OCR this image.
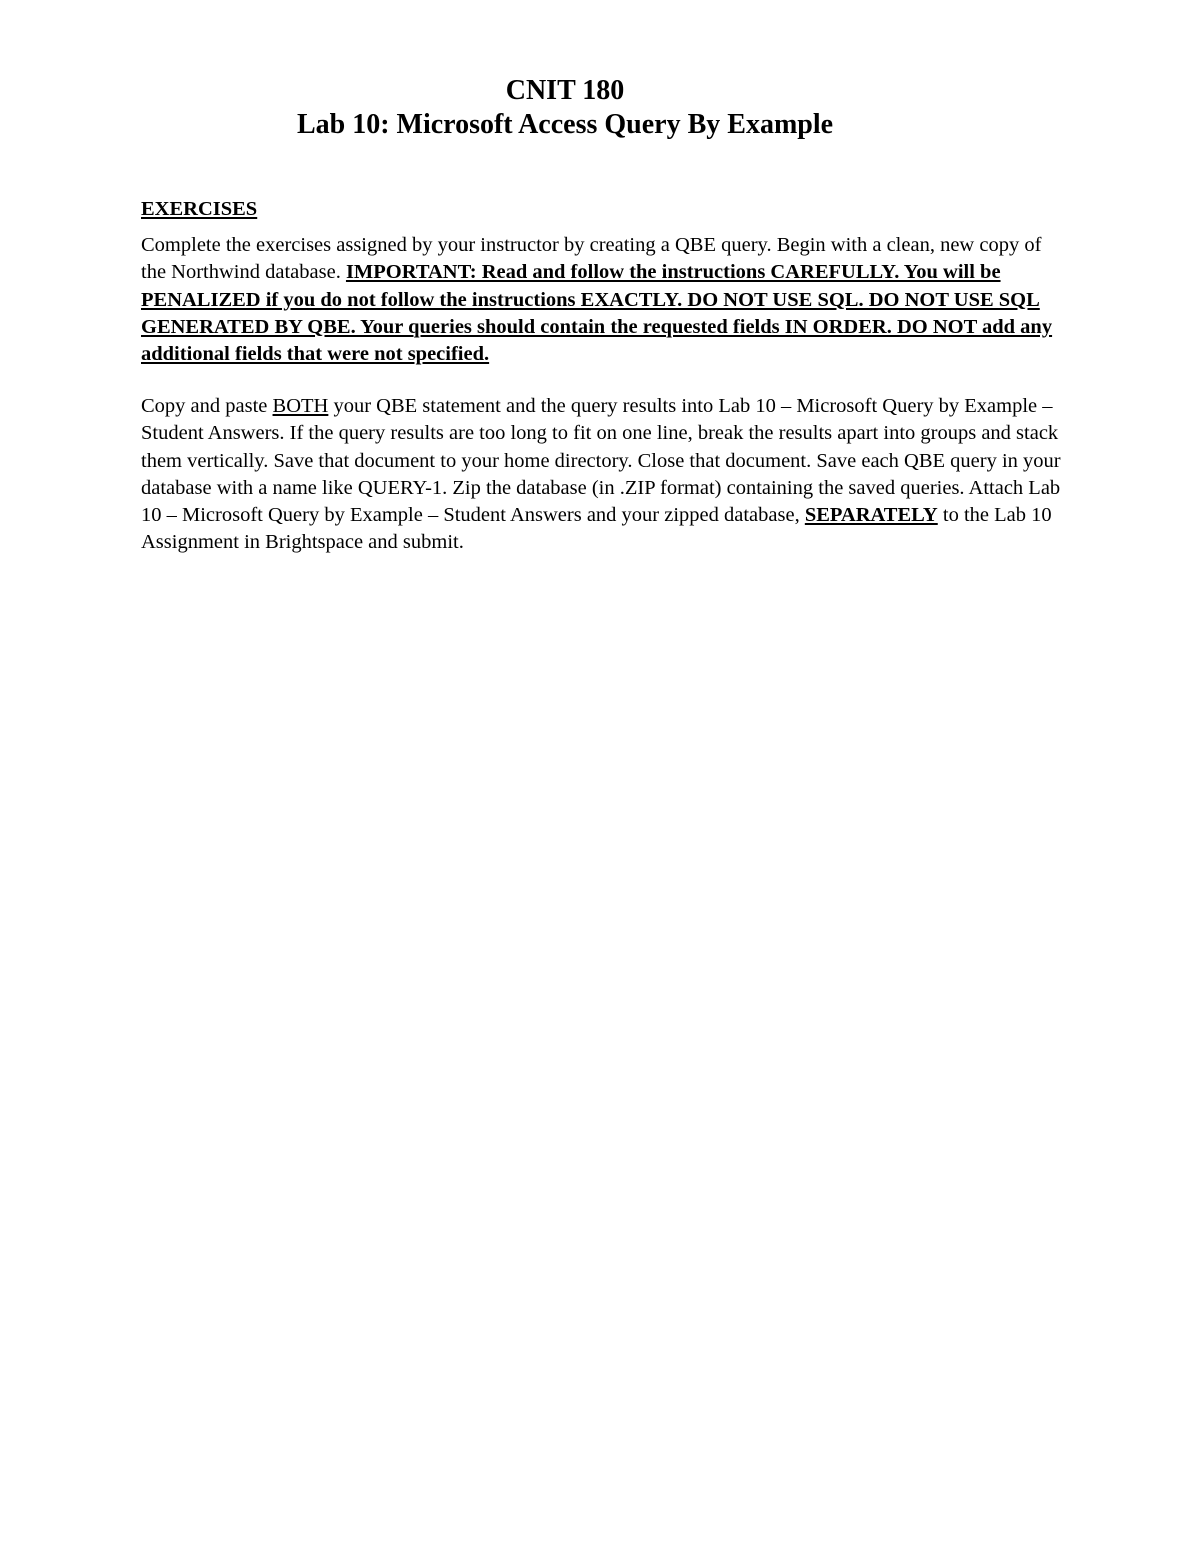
CNIT 180
Lab 10: Microsoft Access Query By Example
EXERCISES

Complete the exercises assigned by your instructor by creating a QBE query. Begin with a clean, new copy of the Northwind database. IMPORTANT: Read and follow the instructions CAREFULLY. You will be PENALIZED if you do not follow the instructions EXACTLY. DO NOT USE SQL. DO NOT USE SQL GENERATED BY QBE. Your queries should contain the requested fields IN ORDER. DO NOT add any additional fields that were not specified.

Copy and paste BOTH your QBE statement and the query results into Lab 10 – Microsoft Query by Example – Student Answers. If the query results are too long to fit on one line, break the results apart into groups and stack them vertically. Save that document to your home directory. Close that document. Save each QBE query in your database with a name like QUERY-1. Zip the database (in .ZIP format) containing the saved queries. Attach Lab 10 – Microsoft Query by Example – Student Answers and your zipped database, SEPARATELY to the Lab 10 Assignment in Brightspace and submit.
